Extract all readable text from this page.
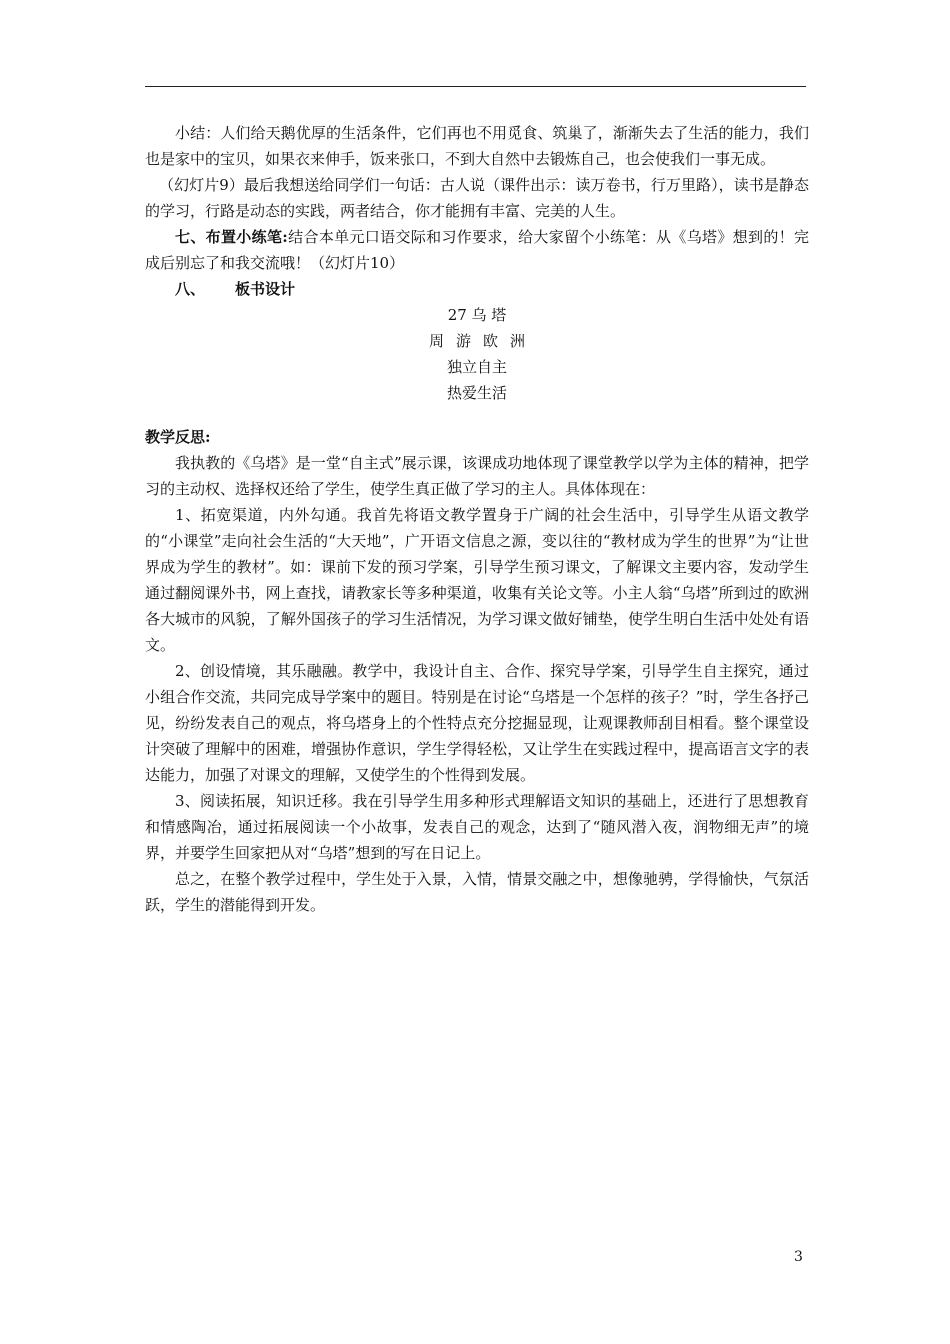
小结：人们给天鹅优厚的生活条件，它们再也不用觅食、筑巢了，渐渐失去了生活的能力，我们也是家中的宝贝，如果衣来伸手，饭来张口，不到大自然中去锻炼自己，也会使我们一事无成。

（幻灯片9）最后我想送给同学们一句话：古人说（课件出示：读万卷书，行万里路），读书是静态的学习，行路是动态的实践，两者结合，你才能拥有丰富、完美的人生。

七、布置小练笔:结合本单元口语交际和习作要求，给大家留个小练笔：从《乌塔》想到的！完成后别忘了和我交流哦！（幻灯片10）

八、 板书设计

27 乌 塔

周游欧洲

独立自主

热爱生活

教学反思:

我执教的《乌塔》是一堂“自主式”展示课，该课成功地体现了课堂教学以学为主体的精神，把学习的主动权、选择权还给了学生，使学生真正做了学习的主人。具体体现在：

1、拓宽渠道，内外勾通。我首先将语文教学置身于广阔的社会生活中，引导学生从语文教学的“小课堂”走向社会生活的“大天地”，广开语文信息之源，变以往的“教材成为学生的世界”为“让世界成为学生的教材”。如：课前下发的预习学案，引导学生预习课文，了解课文主要内容，发动学生通过翻阅课外书，网上查找，请教家长等多种渠道，收集有关论文等。小主人翁“乌塔”所到过的欧洲各大城市的风貌，了解外国孩子的学习生活情况，为学习课文做好铺垫，使学生明白生活中处处有语文。

2、创设情境，其乐融融。教学中，我设计自主、合作、探究导学案，引导学生自主探究，通过小组合作交流，共同完成导学案中的题目。特别是在讨论“乌塔是一个怎样的孩子？”时，学生各抒己见，纷纷发表自己的观点，将乌塔身上的个性特点充分挖掘显现，让观课教师刮目相看。整个课堂设计突破了理解中的困难，增强协作意识，学生学得轻松，又让学生在实践过程中，提高语言文字的表达能力，加强了对课文的理解，又使学生的个性得到发展。

3、阅读拓展，知识迁移。我在引导学生用多种形式理解语文知识的基础上，还进行了思想教育和情感陶冶，通过拓展阅读一个小故事，发表自己的观念，达到了“随风潜入夜，润物细无声”的境界，并要学生回家把从对“乌塔”想到的写在日记上。

总之，在整个教学过程中，学生处于入景，入情，情景交融之中，想像驰骋，学得愉快，气氛活跃，学生的潜能得到开发。

3
